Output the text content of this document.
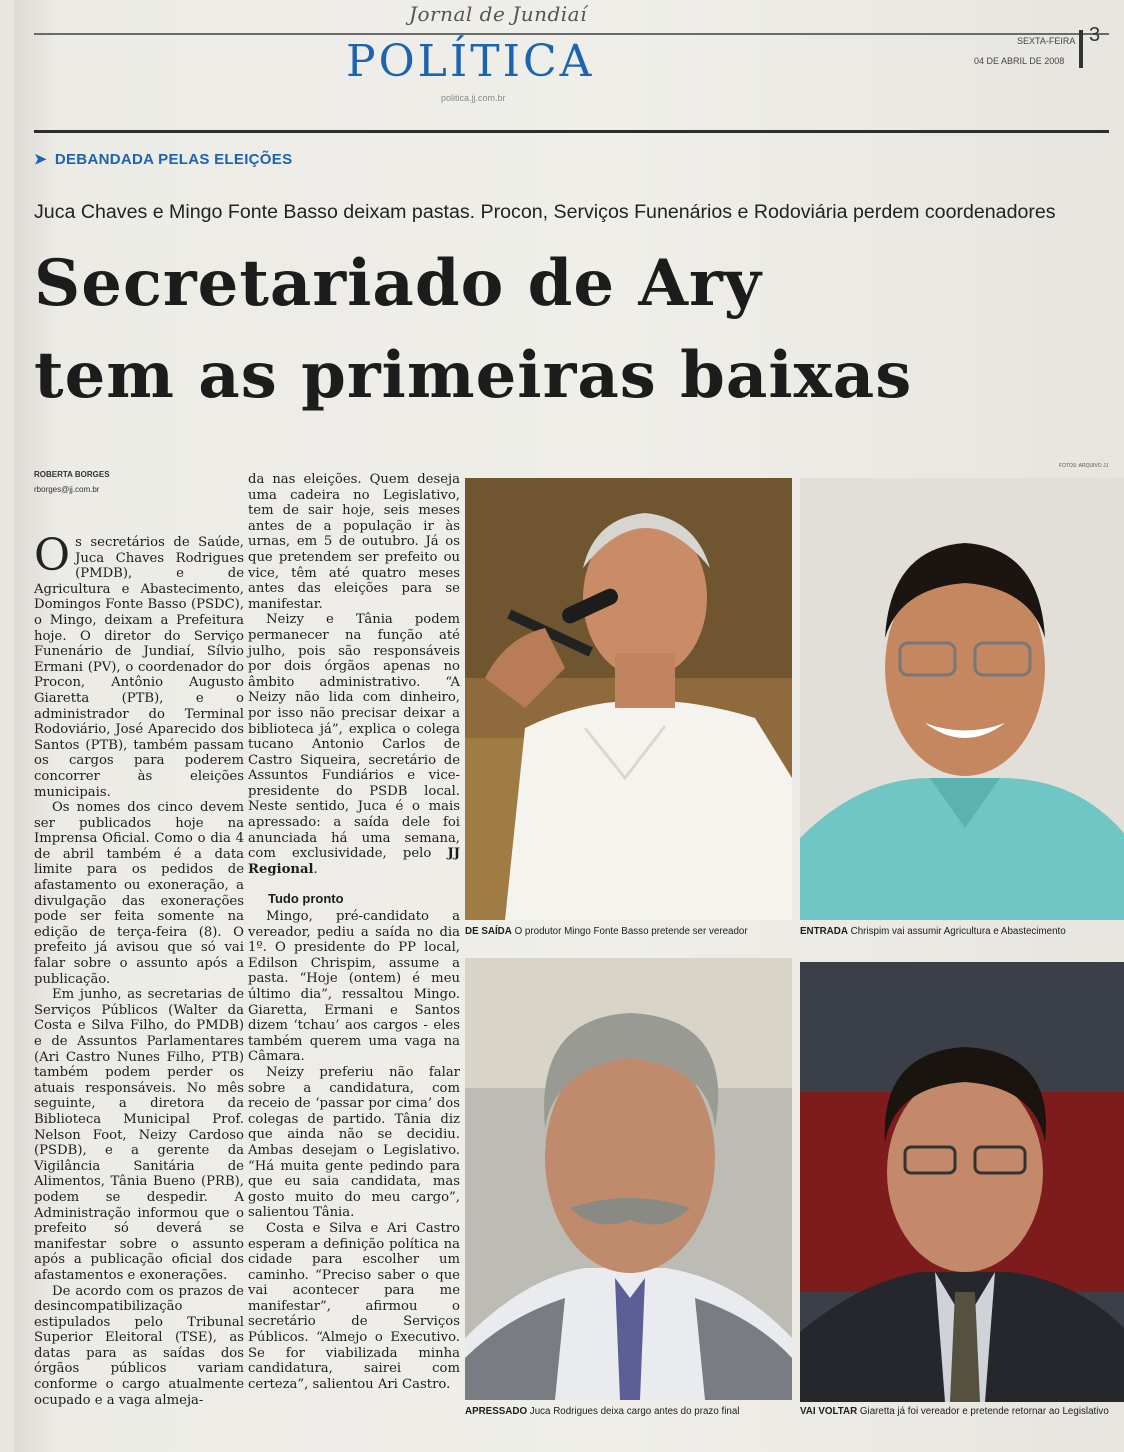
Jornal de Jundiaí
POLÍTICA
politica.jj.com.br
SEXTA-FEIRA
04 DE ABRIL DE 2008
3
➤ DEBANDADA PELAS ELEIÇÕES
Juca Chaves e Mingo Fonte Basso deixam pastas. Procon, Serviços Funenários e Rodoviária perdem coordenadores
Secretariado de Ary
tem as primeiras baixas
ROBERTA BORGES
rborges@jj.com.br
FOTOS: ARQUIVO JJ

Os secretários de Saúde, Juca Chaves Rodrigues (PMDB), e de Agricultura e Abastecimento, Domingos Fonte Basso (PSDC), o Mingo, deixam a Prefeitura hoje. O diretor do Serviço Funenário de Jundiaí, Sílvio Ermani (PV), o coordenador do Procon, Antônio Augusto Giaretta (PTB), e o administrador do Terminal Rodoviário, José Aparecido dos Santos (PTB), também passam os cargos para poderem concorrer às eleições municipais.

Os nomes dos cinco devem ser publicados hoje na Imprensa Oficial. Como o dia 4 de abril também é a data limite para os pedidos de afastamento ou exoneração, a divulgação das exonerações pode ser feita somente na edição de terça-feira (8). O prefeito já avisou que só vai falar sobre o assunto após a publicação.

Em junho, as secretarias de Serviços Públicos (Walter da Costa e Silva Filho, do PMDB) e de Assuntos Parlamentares (Ari Castro Nunes Filho, PTB) também podem perder os atuais responsáveis. No mês seguinte, a diretora da Biblioteca Municipal Prof. Nelson Foot, Neizy Cardoso (PSDB), e a gerente da Vigilância Sanitária de Alimentos, Tânia Bueno (PRB), podem se despedir. A Administração informou que o prefeito só deverá se manifestar sobre o assunto após a publicação oficial dos afastamentos e exonerações.

De acordo com os prazos de desincompatibilização estipulados pelo Tribunal Superior Eleitoral (TSE), as datas para as saídas dos órgãos públicos variam conforme o cargo atualmente ocupado e a vaga almeja-

da nas eleições. Quem deseja uma cadeira no Legislativo, tem de sair hoje, seis meses antes de a população ir às urnas, em 5 de outubro. Já os que pretendem ser prefeito ou vice, têm até quatro meses antes das eleições para se manifestar.

Neizy e Tânia podem permanecer na função até julho, pois são responsáveis por dois órgãos apenas no âmbito administrativo. “A Neizy não lida com dinheiro, por isso não precisar deixar a biblioteca já”, explica o colega tucano Antonio Carlos de Castro Siqueira, secretário de Assuntos Fundiários e vice-presidente do PSDB local. Neste sentido, Juca é o mais apressado: a saída dele foi anunciada há uma semana, com exclusividade, pelo JJ Regional.

Tudo pronto

Mingo, pré-candidato a vereador, pediu a saída no dia 1º. O presidente do PP local, Edilson Chrispim, assume a pasta. “Hoje (ontem) é meu último dia”, ressaltou Mingo. Giaretta, Ermani e Santos dizem ‘tchau’ aos cargos - eles também querem uma vaga na Câmara.

Neizy preferiu não falar sobre a candidatura, com receio de ‘passar por cima’ dos colegas de partido. Tânia diz que ainda não se decidiu. Ambas desejam o Legislativo. “Há muita gente pedindo para que eu saia candidata, mas gosto muito do meu cargo”, salientou Tânia.

Costa e Silva e Ari Castro esperam a definição política na cidade para escolher um caminho. “Preciso saber o que vai acontecer para me manifestar”, afirmou o secretário de Serviços Públicos. “Almejo o Executivo. Se for viabilizada minha candidatura, sairei com certeza”, salientou Ari Castro.

DE SAÍDA O produtor Mingo Fonte Basso pretende ser vereador	ENTRADA Chrispim vai assumir Agricultura e Abastecimento
APRESSADO Juca Rodrigues deixa cargo antes do prazo final	VAI VOLTAR Giaretta já foi vereador e pretende retornar ao Legislativo
